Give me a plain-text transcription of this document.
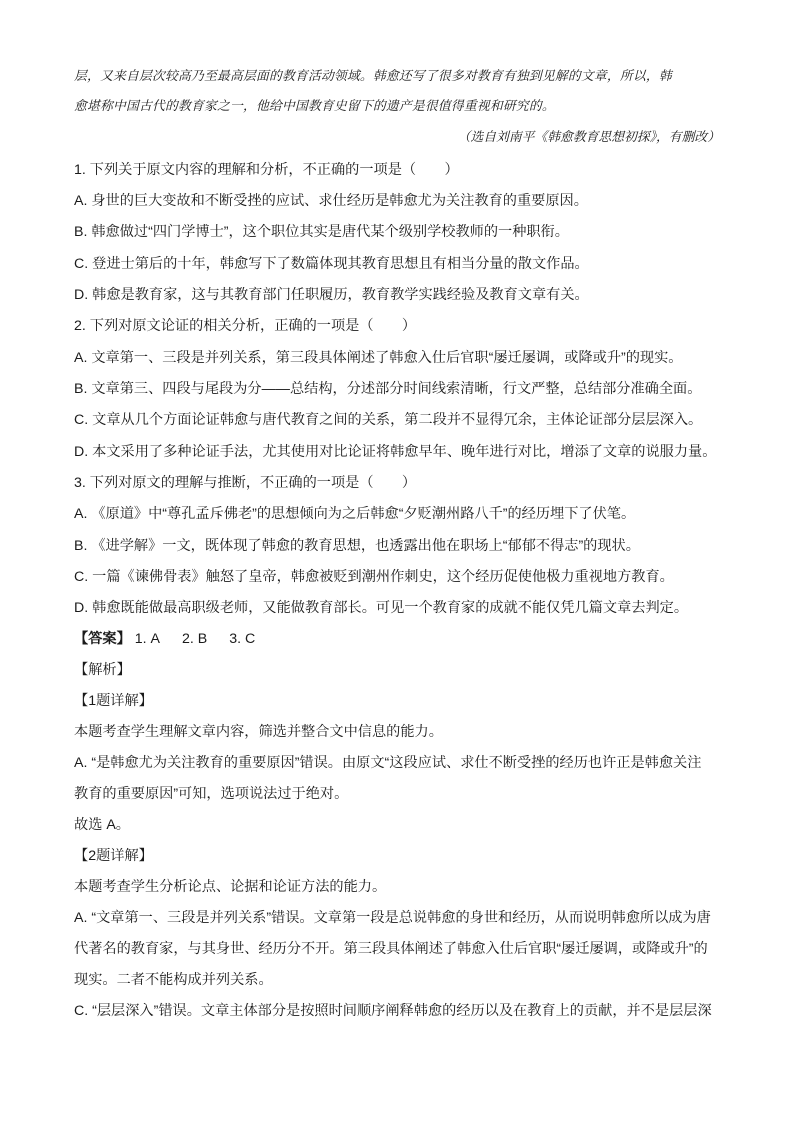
层，又来自层次较高乃至最高层面的教育活动领域。韩愈还写了很多对教育有独到见解的文章，所以，韩
愈堪称中国古代的教育家之一，他给中国教育史留下的遗产是很值得重视和研究的。
（选自刘南平《韩愈教育思想初探》，有删改）
1. 下列关于原文内容的理解和分析，不正确的一项是（　　）
A. 身世的巨大变故和不断受挫的应试、求仕经历是韩愈尤为关注教育的重要原因。
B. 韩愈做过“四门学博士”，这个职位其实是唐代某个级别学校教师的一种职衔。
C. 登进士第后的十年，韩愈写下了数篇体现其教育思想且有相当分量的散文作品。
D. 韩愈是教育家，这与其教育部门任职履历，教育教学实践经验及教育文章有关。
2. 下列对原文论证的相关分析，正确的一项是（　　）
A. 文章第一、三段是并列关系，第三段具体阐述了韩愈入仕后官职“屡迁屡调，或降或升”的现实。
B. 文章第三、四段与尾段为分——总结构，分述部分时间线索清晰，行文严整，总结部分准确全面。
C. 文章从几个方面论证韩愈与唐代教育之间的关系，第二段并不显得冗余，主体论证部分层层深入。
D. 本文采用了多种论证手法，尤其使用对比论证将韩愈早年、晚年进行对比，增添了文章的说服力量。
3. 下列对原文的理解与推断，不正确的一项是（　　）
A. 《原道》中“尊孔孟斥佛老”的思想倾向为之后韩愈“夕贬潮州路八千”的经历埋下了伏笔。
B. 《进学解》一文，既体现了韩愈的教育思想，也透露出他在职场上“郁郁不得志”的现状。
C. 一篇《谏佛骨表》触怒了皇帝，韩愈被贬到潮州作刺史，这个经历促使他极力重视地方教育。
D. 韩愈既能做最高职级老师，又能做教育部长。可见一个教育家的成就不能仅凭几篇文章去判定。
【答案】 1. A 2. B 3. C
【解析】
【1题详解】
本题考查学生理解文章内容，筛选并整合文中信息的能力。
A. “是韩愈尤为关注教育的重要原因”错误。由原文“这段应试、求仕不断受挫的经历也许正是韩愈关注
教育的重要原因”可知，选项说法过于绝对。
故选 A。
【2题详解】
本题考查学生分析论点、论据和论证方法的能力。
A. “文章第一、三段是并列关系”错误。文章第一段是总说韩愈的身世和经历，从而说明韩愈所以成为唐
代著名的教育家，与其身世、经历分不开。第三段具体阐述了韩愈入仕后官职“屡迁屡调，或降或升”的
现实。二者不能构成并列关系。
C. “层层深入”错误。文章主体部分是按照时间顺序阐释韩愈的经历以及在教育上的贡献，并不是层层深
